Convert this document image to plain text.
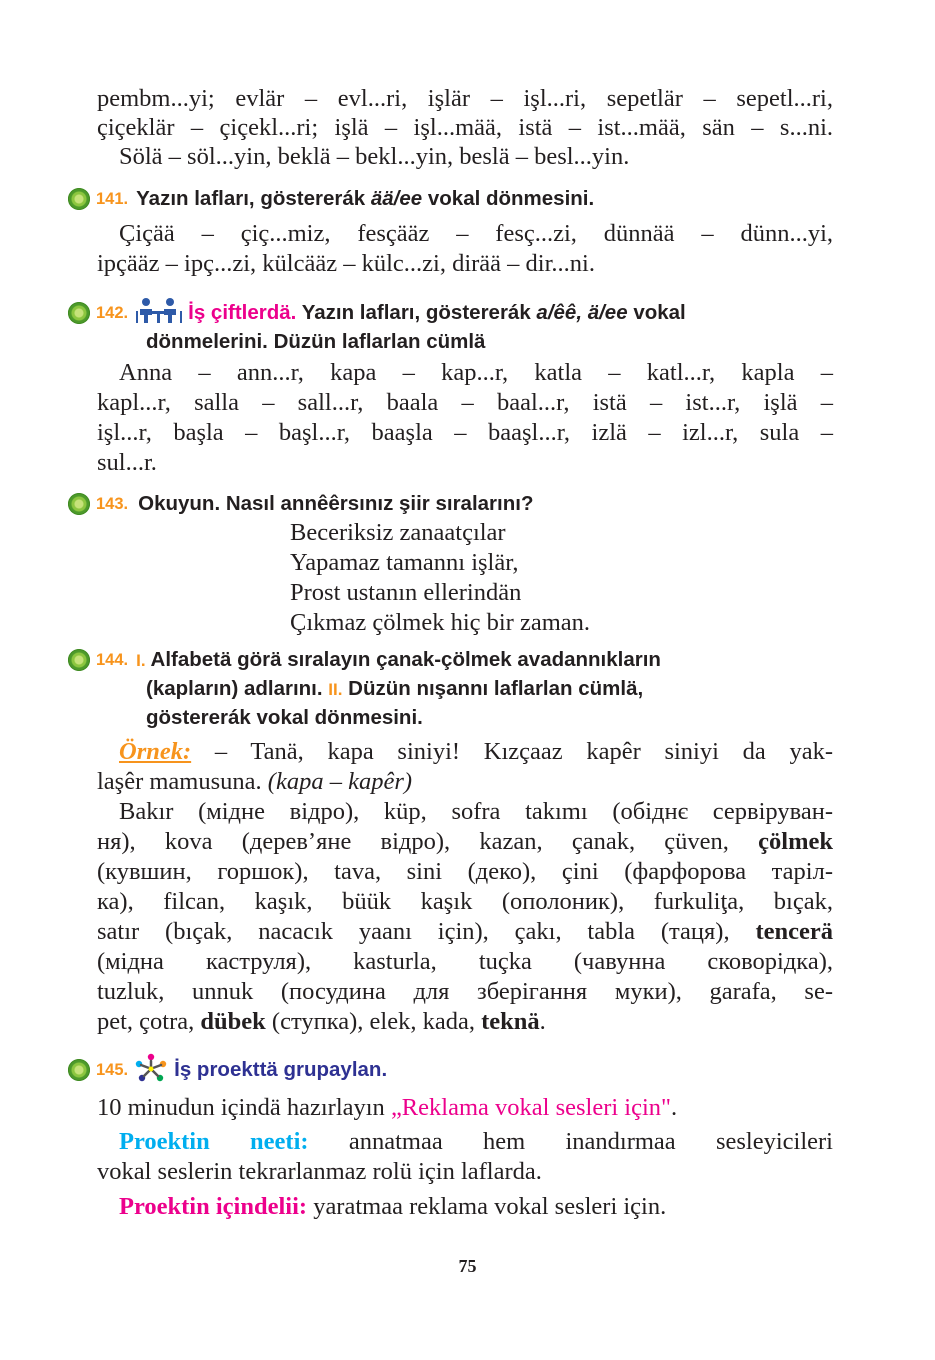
pembm...yi; evlär – evl...ri, işlär – işl...ri, sepetlär – sepetl...ri,
çiçeklär – çiçekl...ri; işlä – işl...mää, istä – ist...mää, sän – s...ni.
Sölä – söl...yin, beklä – bekl...yin, beslä – besl...yin.
141. Yazın lafları, göstererák ää/ee vokal dönmesini.
Çiçää – çiç...miz, fesçääz – fesç...zi, dünnää – dünn...yi,
ipçääz – ipç...zi, külcääz – külc...zi, dirää – dir...ni.
142.	İş çiftlerdä. Yazın lafları, göstererák a/êê, ä/ee vokal
dönmelerini. Düzün laflarlan cümlä
Anna – ann...r, kapa – kap...r, katla – katl...r, kapla –
kapl...r, salla – sall...r, baala – baal...r, istä – ist...r, işlä –
işl...r, başla – başl...r, baaşla – baaşl...r, izlä – izl...r, sula –
sul...r.
143. Okuyun. Nasıl annêêrsınız şiir sıralarını?
Beceriksiz zanaatçılar
Yapamaz tamannı işlär,
Prost ustanın ellerindän
Çıkmaz çölmek hiç bir zaman.
144. I. Alfabetä görä sıralayın çanak-çölmek avadannıkların
(kapların) adlarını. II. Düzün nışannı laflarlan cümlä,
göstererák vokal dönmesini.
Örnek: – Tanä, kapa siniyi! Kızçaaz kapêr siniyi da yak-
laşêr mamusuna. (kapa – kapêr)
Bakır (мідне відро), küp, sofra takımı (обіднє сервіруван-
ня), kova (дерев’яне відро), kazan, çanak, çüven, çölmek
(кувшин, горшок), tava, sini (деко), çini (фарфорова таріл-
ка), filcan, kaşık, büük kaşık (ополоник), furkuliţa, bıçak,
satır (bıçak, nacacık yaanı için), çakı, tabla (таця), tencerä
(мідна каструля), kasturla, tuçka (чавунна сковорідка),
tuzluk, unnuk (посудина для зберігання муки), garafa, se-
pet, çotra, dübek (ступка), elek, kada, teknä.
145. İş proekttä grupaylan.
10 minudun içindä hazırlayın „Reklama vokal sesleri için".
Proektin neeti: annatmaa hem inandırmaa sesleyicileri
vokal seslerin tekrarlanmaz rolü için laflarda.
Proektin içindelii: yaratmaa reklama vokal sesleri için.
75
